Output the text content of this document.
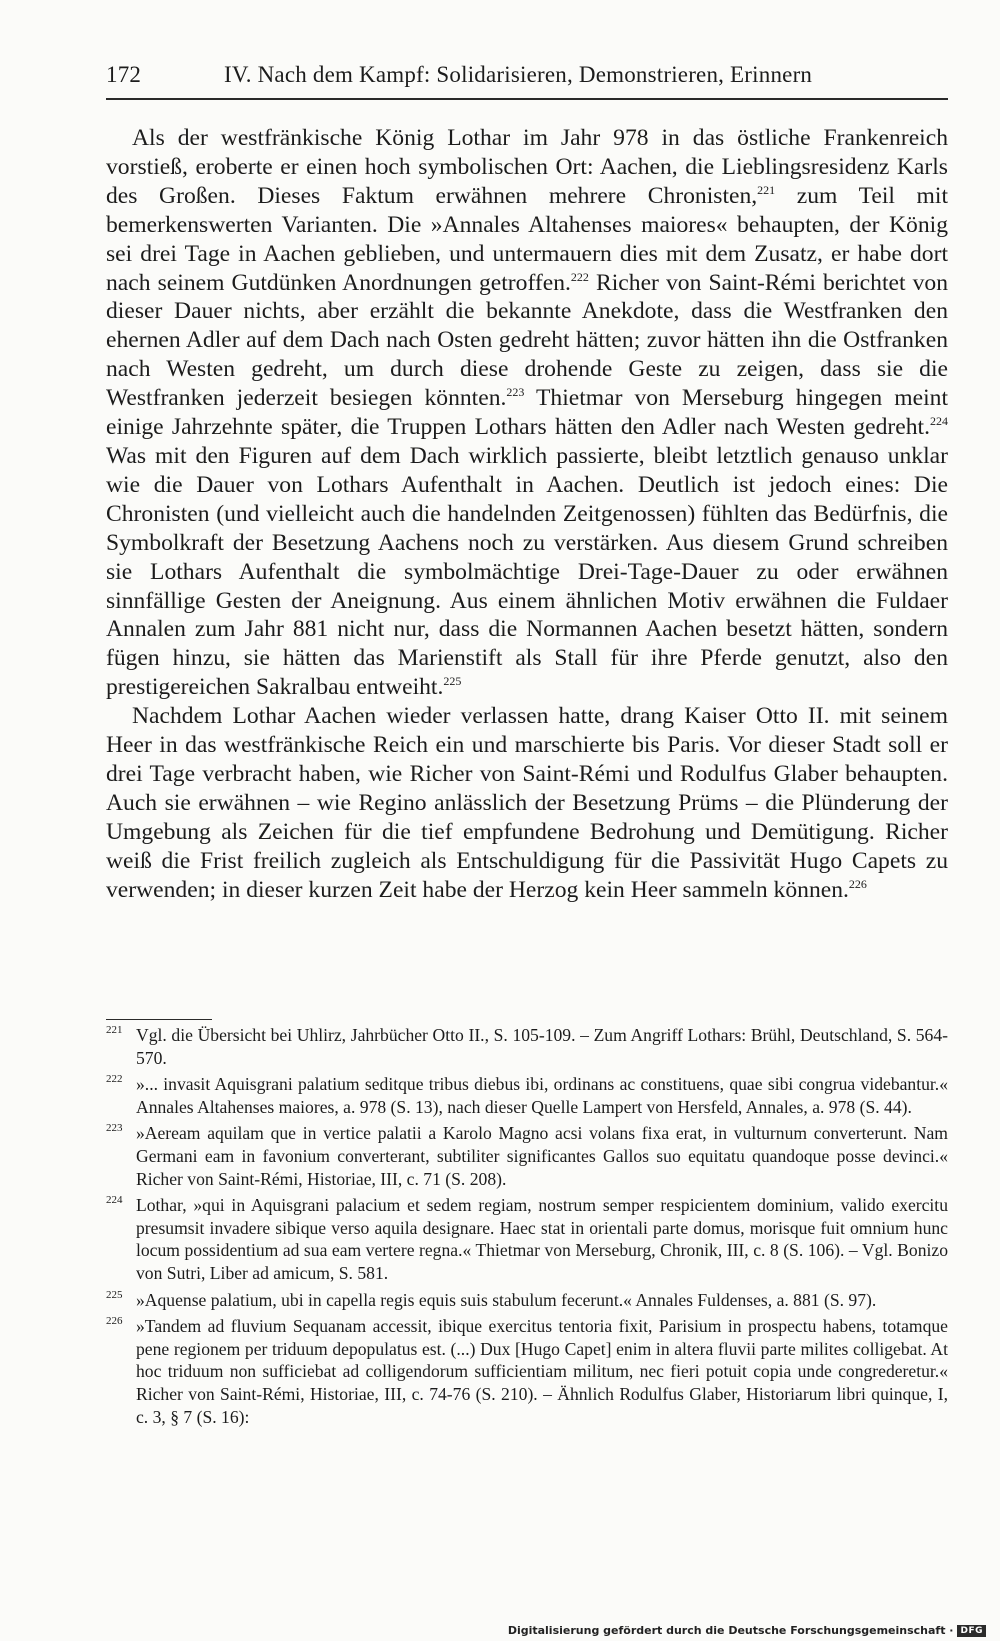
172	IV. Nach dem Kampf: Solidarisieren, Demonstrieren, Erinnern

Als der westfränkische König Lothar im Jahr 978 in das östliche Frankenreich vorstieß, eroberte er einen hoch symbolischen Ort: Aachen, die Lieblingsresidenz Karls des Großen. Dieses Faktum erwähnen mehrere Chronisten,$^{221}$ zum Teil mit bemerkenswerten Varianten. Die »Annales Altahenses maiores« behaupten, der König sei drei Tage in Aachen geblieben, und untermauern dies mit dem Zusatz, er habe dort nach seinem Gutdünken Anordnungen getroffen.$^{222}$ Richer von Saint-Rémi berichtet von dieser Dauer nichts, aber erzählt die bekannte Anekdote, dass die Westfranken den ehernen Adler auf dem Dach nach Osten gedreht hätten; zuvor hätten ihn die Ostfranken nach Westen gedreht, um durch diese drohende Geste zu zeigen, dass sie die Westfranken jederzeit besiegen könnten.$^{223}$ Thietmar von Merseburg hingegen meint einige Jahrzehnte später, die Truppen Lothars hätten den Adler nach Westen gedreht.$^{224}$ Was mit den Figuren auf dem Dach wirklich passierte, bleibt letztlich genauso unklar wie die Dauer von Lothars Aufenthalt in Aachen. Deutlich ist jedoch eines: Die Chronisten (und vielleicht auch die handelnden Zeitgenossen) fühlten das Bedürfnis, die Symbolkraft der Besetzung Aachens noch zu verstärken. Aus diesem Grund schreiben sie Lothars Aufenthalt die symbolmächtige Drei-Tage-Dauer zu oder erwähnen sinnfällige Gesten der Aneignung. Aus einem ähnlichen Motiv erwähnen die Fuldaer Annalen zum Jahr 881 nicht nur, dass die Normannen Aachen besetzt hätten, sondern fügen hinzu, sie hätten das Marienstift als Stall für ihre Pferde genutzt, also den prestigereichen Sakralbau entweiht.$^{225}$

Nachdem Lothar Aachen wieder verlassen hatte, drang Kaiser Otto II. mit seinem Heer in das westfränkische Reich ein und marschierte bis Paris. Vor dieser Stadt soll er drei Tage verbracht haben, wie Richer von Saint-Rémi und Rodulfus Glaber behaupten. Auch sie erwähnen – wie Regino anlässlich der Besetzung Prüms – die Plünderung der Umgebung als Zeichen für die tief empfundene Bedrohung und Demütigung. Richer weiß die Frist freilich zugleich als Entschuldigung für die Passivität Hugo Capets zu verwenden; in dieser kurzen Zeit habe der Herzog kein Heer sammeln können.$^{226}$

221 Vgl. die Übersicht bei Uhlirz, Jahrbücher Otto II., S. 105-109. – Zum Angriff Lothars: Brühl, Deutschland, S. 564-570.
222 »... invasit Aquisgrani palatium seditque tribus diebus ibi, ordinans ac constituens, quae sibi congrua videbantur.« Annales Altahenses maiores, a. 978 (S. 13), nach dieser Quelle Lampert von Hersfeld, Annales, a. 978 (S. 44).
223 »Aeream aquilam que in vertice palatii a Karolo Magno acsi volans fixa erat, in vulturnum converterunt. Nam Germani eam in favonium converterant, subtiliter significantes Gallos suo equitatu quandoque posse devinci.« Richer von Saint-Rémi, Historiae, III, c. 71 (S. 208).
224 Lothar, »qui in Aquisgrani palacium et sedem regiam, nostrum semper respicientem dominium, valido exercitu presumsit invadere sibique verso aquila designare. Haec stat in orientali parte domus, morisque fuit omnium hunc locum possidentium ad sua eam vertere regna.« Thietmar von Merseburg, Chronik, III, c. 8 (S. 106). – Vgl. Bonizo von Sutri, Liber ad amicum, S. 581.
225 »Aquense palatium, ubi in capella regis equis suis stabulum fecerunt.« Annales Fuldenses, a. 881 (S. 97).
226 »Tandem ad fluvium Sequanam accessit, ibique exercitus tentoria fixit, Parisium in prospectu habens, totamque pene regionem per triduum depopulatus est. (...) Dux [Hugo Capet] enim in altera fluvii parte milites colligebat. At hoc triduum non sufficiebat ad colligendorum sufficientiam militum, nec fieri potuit copia unde congrederetur.« Richer von Saint-Rémi, Historiae, III, c. 74-76 (S. 210). – Ähnlich Rodulfus Glaber, Historiarum libri quinque, I, c. 3, § 7 (S. 16):
Digitalisierung gefördert durch die Deutsche Forschungsgemeinschaft · DFG
